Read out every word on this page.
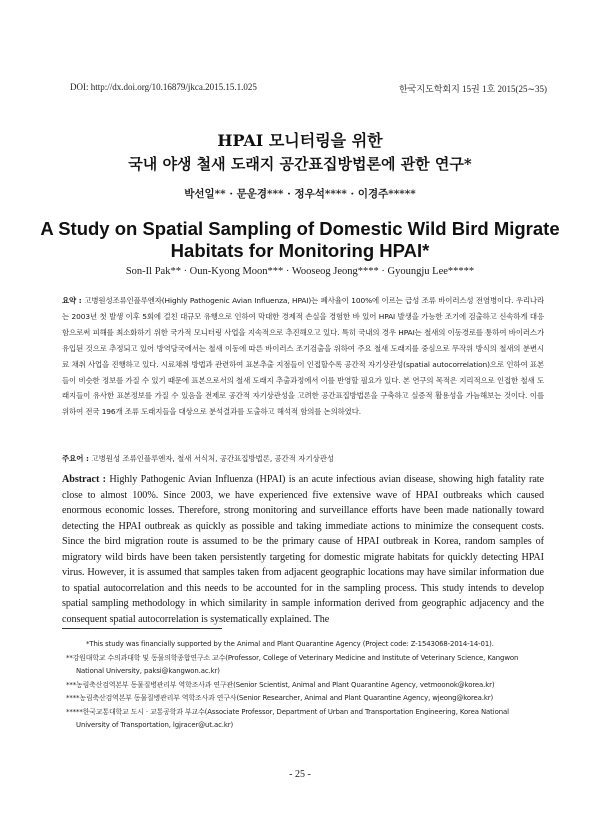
DOI: http://dx.doi.org/10.16879/jkca.2015.15.1.025	한국지도학회지 15권 1호 2015(25∼35)
HPAI 모니터링을 위한
국내 야생 철새 도래지 공간표집방법론에 관한 연구*
박선일** · 문운경*** · 정우석**** · 이경주*****
A Study on Spatial Sampling of Domestic Wild Bird Migrate
Habitats for Monitoring HPAI*
Son-Il Pak** · Oun-Kyong Moon*** · Wooseog Jeong**** · Gyoungju Lee*****
요약 : 고병원성조류인플루엔자(Highly Pathogenic Avian Influenza, HPAI)는 폐사율이 100%에 이르는 급성 조류 바이러스성 전염병이다. 우리나라는 2003년 첫 발생 이후 5회에 걸친 대규모 유행으로 인하여 막대한 경제적 손실을 경험한 바 있어 HPAI 발생을 가능한 조기에 검출하고 신속하게 대응함으로써 피해를 최소화하기 위한 국가적 모니터링 사업을 지속적으로 추진해오고 있다. 특히 국내의 경우 HPAI는 철새의 이동경로를 통하여 바이러스가 유입된 것으로 추정되고 있어 방역당국에서는 철새 이동에 따른 바이러스 조기검출을 위하여 주요 철새 도래지를 중심으로 무작위 방식의 철새의 분변시료 채취 사업을 진행하고 있다. 시료채취 방법과 관련하여 표본추출 지점들이 인접할수록 공간적 자기상관성(spatial autocorrelation)으로 인하여 표본들이 비슷한 정보를 가질 수 있기 때문에 표본으로서의 철새 도래지 추출과정에서 이를 반영할 필요가 있다. 본 연구의 목적은 지리적으로 인접한 철새 도래지들이 유사한 표본정보를 가질 수 있음을 전제로 공간적 자기상관성을 고려한 공간표집방법론을 구축하고 실증적 활용성을 가늠해보는 것이다. 이를 위하여 전국 196개 조류 도래지들을 대상으로 분석결과를 도출하고 해석적 함의를 논의하였다.
주요어 : 고병원성 조류인플루엔자, 철새 서식처, 공간표집방법론, 공간적 자기상관성
Abstract : Highly Pathogenic Avian Influenza (HPAI) is an acute infectious avian disease, showing high fatality rate close to almost 100%. Since 2003, we have experienced five extensive wave of HPAI outbreaks which caused enormous economic losses. Therefore, strong monitoring and surveillance efforts have been made nationally toward detecting the HPAI outbreak as quickly as possible and taking immediate actions to minimize the consequent costs. Since the bird migration route is assumed to be the primary cause of HPAI outbreak in Korea, random samples of migratory wild birds have been taken persistently targeting for domestic migrate habitats for quickly detecting HPAI virus. However, it is assumed that samples taken from adjacent geographic locations may have similar information due to spatial autocorrelation and this needs to be accounted for in the sampling process. This study intends to develop spatial sampling methodology in which similarity in sample information derived from geographic adjacency and the consequent spatial autocorrelation is systematically explained. The

*This study was financially supported by the Animal and Plant Quarantine Agency (Project code: Z-1543068-2014-14-01).

**강원대학교 수의과대학 및 동물의학종합연구소 교수(Professor, College of Veterinary Medicine and Institute of Veterinary Science, Kangwon National University, paksi@kangwon.ac.kr)

***농림축산검역본부 동물질병관리부 역학조사과 연구관(Senior Scientist, Animal and Plant Quarantine Agency, vetmoonok@korea.kr)

****농림축산검역본부 동물질병관리부 역학조사과 연구사(Senior Researcher, Animal and Plant Quarantine Agency, wjeong@korea.kr)

*****한국교통대학교 도시 · 교통공학과 부교수(Associate Professor, Department of Urban and Transportation Engineering, Korea National University of Transportation, lgjracer@ut.ac.kr)

- 25 -
